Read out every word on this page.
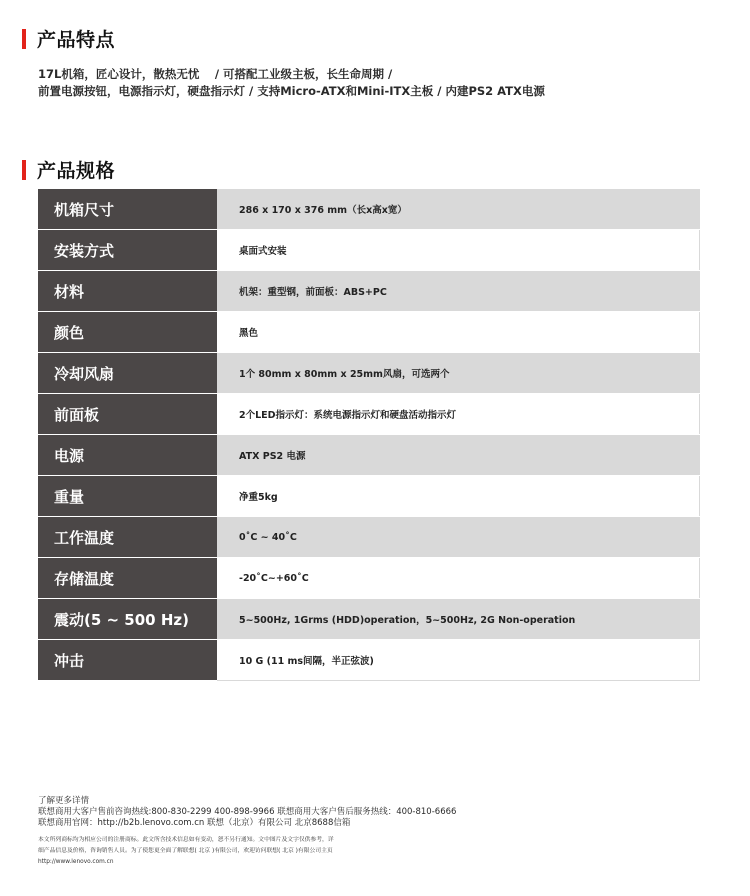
产品特点
17L机箱，匠心设计，散热无忧　 / 可搭配工业级主板，长生命周期 /
前置电源按钮，电源指示灯，硬盘指示灯 / 支持Micro-ATX和Mini-ITX主板 / 内建PS2 ATX电源
产品规格
机箱尺寸	286 x 170 x 376 mm（长x高x宽）
安装方式	桌面式安装
材料	机架：重型钢，前面板：ABS+PC
颜色	黑色
冷却风扇	1个 80mm x 80mm x 25mm风扇，可选两个
前面板	2个LED指示灯：系统电源指示灯和硬盘活动指示灯
电源	ATX PS2 电源
重量	净重5kg
工作温度	0˚C ~ 40˚C
存储温度	-20˚C~+60˚C
震动(5 ~ 500 Hz)	5~500Hz, 1Grms (HDD)operation，5~500Hz, 2G Non-operation
冲击	10 G (11 ms间隔，半正弦波)
了解更多详情
联想商用大客户售前咨询热线:800-830-2299 400-898-9966 联想商用大客户售后服务热线：400-810-6666
联想商用官网：http://b2b.lenovo.com.cn 联想（北京）有限公司 北京8688信箱
本文所列商标均为相应公司的注册商标。此文所含技术信息如有变动，恕不另行通知。文中图片及文字仅供参考，详
细产品信息及价格，咨询销售人员。为了使您更全面了解联想( 北京 )有限公司，欢迎访问联想( 北京 )有限公司主页
http://www.lenovo.com.cn
